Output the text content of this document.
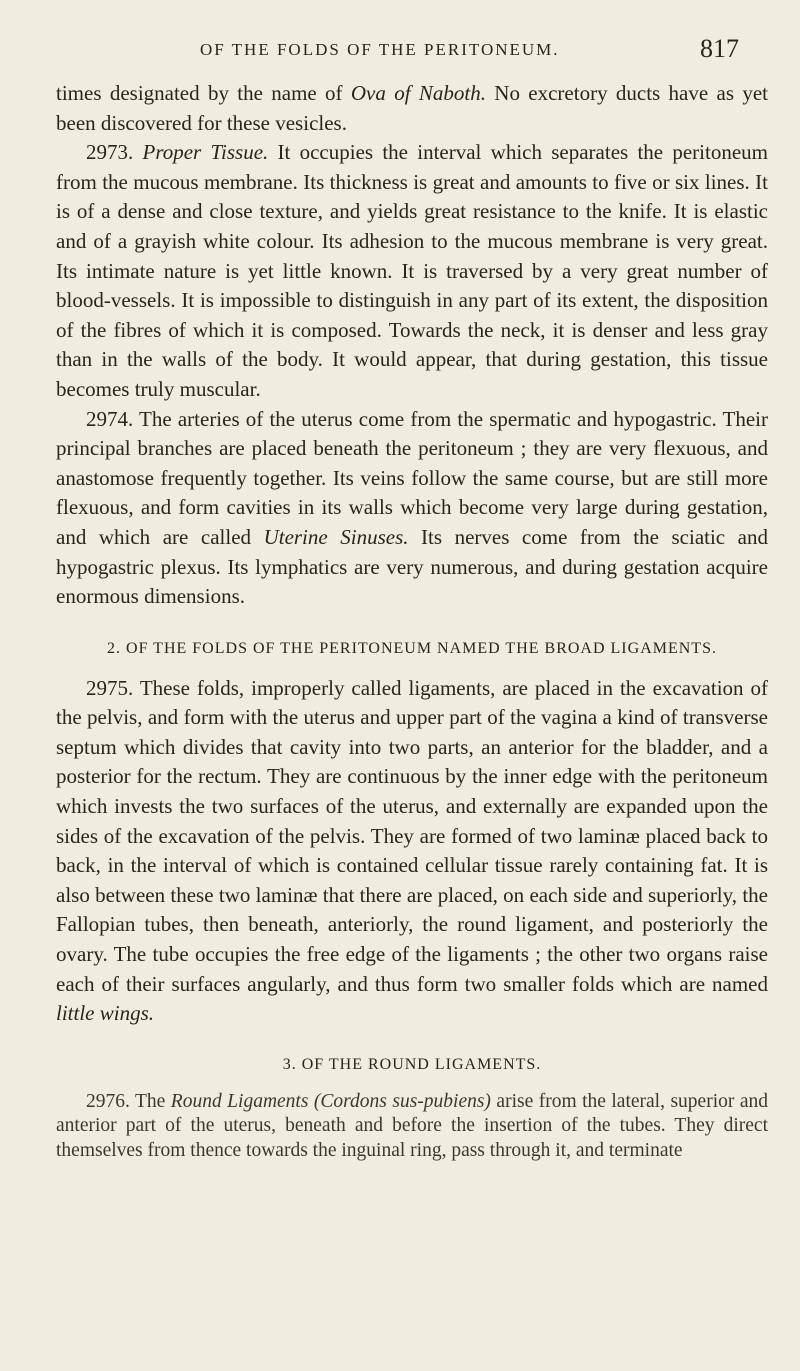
OF THE FOLDS OF THE PERITONEUM.	817

times designated by the name of Ova of Naboth. No excretory ducts have as yet been discovered for these vesicles.

2973. Proper Tissue. It occupies the interval which separates the peritoneum from the mucous membrane. Its thickness is great and amounts to five or six lines. It is of a dense and close texture, and yields great resistance to the knife. It is elastic and of a grayish white colour. Its adhesion to the mucous membrane is very great. Its intimate nature is yet little known. It is traversed by a very great number of blood-vessels. It is impossible to distinguish in any part of its extent, the disposition of the fibres of which it is composed. Towards the neck, it is denser and less gray than in the walls of the body. It would appear, that during gestation, this tissue becomes truly muscular.

2974. The arteries of the uterus come from the spermatic and hypogastric. Their principal branches are placed beneath the peritoneum ; they are very flexuous, and anastomose frequently together. Its veins follow the same course, but are still more flexuous, and form cavities in its walls which become very large during gestation, and which are called Uterine Sinuses. Its nerves come from the sciatic and hypogastric plexus. Its lymphatics are very numerous, and during gestation acquire enormous dimensions.

2. OF THE FOLDS OF THE PERITONEUM NAMED THE BROAD LIGAMENTS.

2975. These folds, improperly called ligaments, are placed in the excavation of the pelvis, and form with the uterus and upper part of the vagina a kind of transverse septum which divides that cavity into two parts, an anterior for the bladder, and a posterior for the rectum. They are continuous by the inner edge with the peritoneum which invests the two surfaces of the uterus, and externally are expanded upon the sides of the excavation of the pelvis. They are formed of two laminæ placed back to back, in the interval of which is contained cellular tissue rarely containing fat. It is also between these two laminæ that there are placed, on each side and superiorly, the Fallopian tubes, then beneath, anteriorly, the round ligament, and posteriorly the ovary. The tube occupies the free edge of the ligaments ; the other two organs raise each of their surfaces angularly, and thus form two smaller folds which are named little wings.

3. OF THE ROUND LIGAMENTS.

2976. The Round Ligaments (Cordons sus-pubiens) arise from the lateral, superior and anterior part of the uterus, beneath and before the insertion of the tubes. They direct themselves from thence towards the inguinal ring, pass through it, and terminate
